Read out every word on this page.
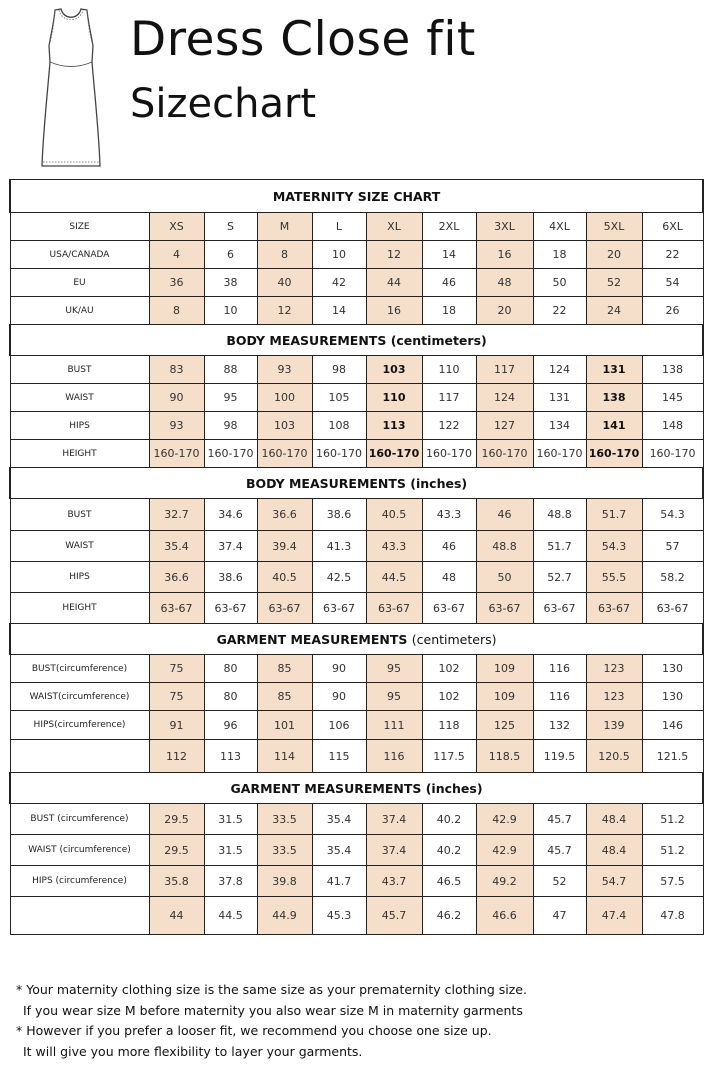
Dress Close fit
Sizechart
MATERNITY SIZE CHART										
SIZE	XS	S	M	L	XL	2XL	3XL	4XL	5XL	6XL
USA/CANADA	4	6	8	10	12	14	16	18	20	22
EU	36	38	40	42	44	46	48	50	52	54
UK/AU	8	10	12	14	16	18	20	22	24	26
BODY MEASUREMENTS (centimeters)										
BUST	83	88	93	98	103	110	117	124	131	138
WAIST	90	95	100	105	110	117	124	131	138	145
HIPS	93	98	103	108	113	122	127	134	141	148
HEIGHT	160-170	160-170	160-170	160-170	160-170	160-170	160-170	160-170	160-170	160-170
BODY MEASUREMENTS (inches)										
BUST	32.7	34.6	36.6	38.6	40.5	43.3	46	48.8	51.7	54.3
WAIST	35.4	37.4	39.4	41.3	43.3	46	48.8	51.7	54.3	57
HIPS	36.6	38.6	40.5	42.5	44.5	48	50	52.7	55.5	58.2
HEIGHT	63-67	63-67	63-67	63-67	63-67	63-67	63-67	63-67	63-67	63-67
GARMENT MEASUREMENTS (centimeters)										
BUST(circumference)	75	80	85	90	95	102	109	116	123	130
WAIST(circumference)	75	80	85	90	95	102	109	116	123	130
HIPS(circumference)	91	96	101	106	111	118	125	132	139	146
	112	113	114	115	116	117.5	118.5	119.5	120.5	121.5
GARMENT MEASUREMENTS (inches)										
BUST (circumference)	29.5	31.5	33.5	35.4	37.4	40.2	42.9	45.7	48.4	51.2
WAIST (circumference)	29.5	31.5	33.5	35.4	37.4	40.2	42.9	45.7	48.4	51.2
HIPS (circumference)	35.8	37.8	39.8	41.7	43.7	46.5	49.2	52	54.7	57.5
	44	44.5	44.9	45.3	45.7	46.2	46.6	47	47.4	47.8
* Your maternity clothing size is the same size as your prematernity clothing size.
If you wear size M before maternity you also wear size M in maternity garments
* However if you prefer a looser fit, we recommend you choose one size up.
It will give you more flexibility to layer your garments.
